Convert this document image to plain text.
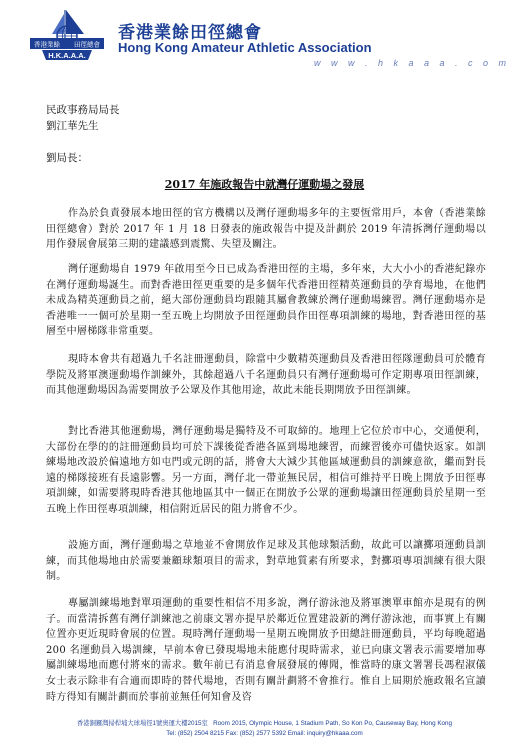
香港業餘 田徑總會
H.K.A.A.A.
香港業餘田徑總會
Hong Kong Amateur Athletic Association
w w w . h k a a a . c o m
民政事務局局長
劉江華先生
劉局長：
2017 年施政報告中就灣仔運動場之發展
作為於負責發展本地田徑的官方機構以及灣仔運動場多年的主要恆常用戶，本會（香港業餘田徑總會）對於 2017 年 1 月 18 日發表的施政報告中提及計劃於 2019 年清拆灣仔運動場以用作發展會展第三期的建議感到震驚、失望及關注。
灣仔運動場自 1979 年啟用至今日已成為香港田徑的主場，多年來，大大小小的香港紀錄亦在灣仔運動場誕生。而對香港田徑更重要的是多個年代香港田徑精英運動員的孕育場地，在他們未成為精英運動員之前，絕大部份運動員均跟隨其屬會教練於灣仔運動場練習。灣仔運動場亦是香港唯一一個可於星期一至五晚上均開放予田徑運動員作田徑專項訓練的場地，對香港田徑的基層至中層梯隊非常重要。
現時本會共有超過九千名註冊運動員，除當中少數精英運動員及香港田徑隊運動員可於體育學院及將軍澳運動場作訓練外，其餘超過八千名運動員只有灣仔運動場可作定期專項田徑訓練，而其他運動場因為需要開放予公眾及作其他用途，故此未能長期開放予田徑訓練。
對比香港其他運動場，灣仔運動場是獨特及不可取締的。地理上它位於市中心，交通便利，大部份在學的的註冊運動員均可於下課後從香港各區到場地練習，而練習後亦可儘快返家。如訓練場地改設於偏遠地方如屯門或元朗的話，將會大大減少其他區域運動員的訓練意欲，繼而對長遠的梯隊接班有長遠影響。另一方面，灣仔北一帶並無民居，相信可維持平日晚上開放予田徑專項訓練，如需要將現時香港其他地區其中一個正在開放予公眾的運動場讓田徑運動員於星期一至五晚上作田徑專項訓練，相信附近居民的阻力將會不少。
設施方面，灣仔運動場之草地並不會開放作足球及其他球類活動，故此可以讓擲項運動員訓練，而其他場地由於需要兼顧球類項目的需求，對草地質素有所要求，對擲項專項訓練有很大限制。
專屬訓練場地對單項運動的重要性相信不用多說，灣仔游泳池及將軍澳單車館亦是現有的例子。而當清拆舊有灣仔訓練池之前康文署亦提早於鄰近位置建設新的灣仔游泳池，而事實上有關位置亦更近現時會展的位置。現時灣仔運動場一星期五晚開放予田總註冊運動員，平均每晚超過 200 名運動員入場訓練，早前本會已發現場地未能應付現時需求，並已向康文署表示需要增加專屬訓練場地而應付將來的需求。數年前已有消息會展發展的傳聞，惟當時的康文署署長馮程淑儀女士表示除非有合適而即時的替代場地，否則有關計劃將不會推行。惟自上屆期於施政報名宣讀時方得知有關計劃而於事前並無任何知會及咨
香港銅鑼灣掃桿埔大球場徑1號奧運大樓2015室 Room 2015, Olympic House, 1 Stadium Path, So Kon Po, Causeway Bay, Hong Kong
Tel: (852) 2504 8215 Fax: (852) 2577 5392 Email: inquiry@hkaaa.com
